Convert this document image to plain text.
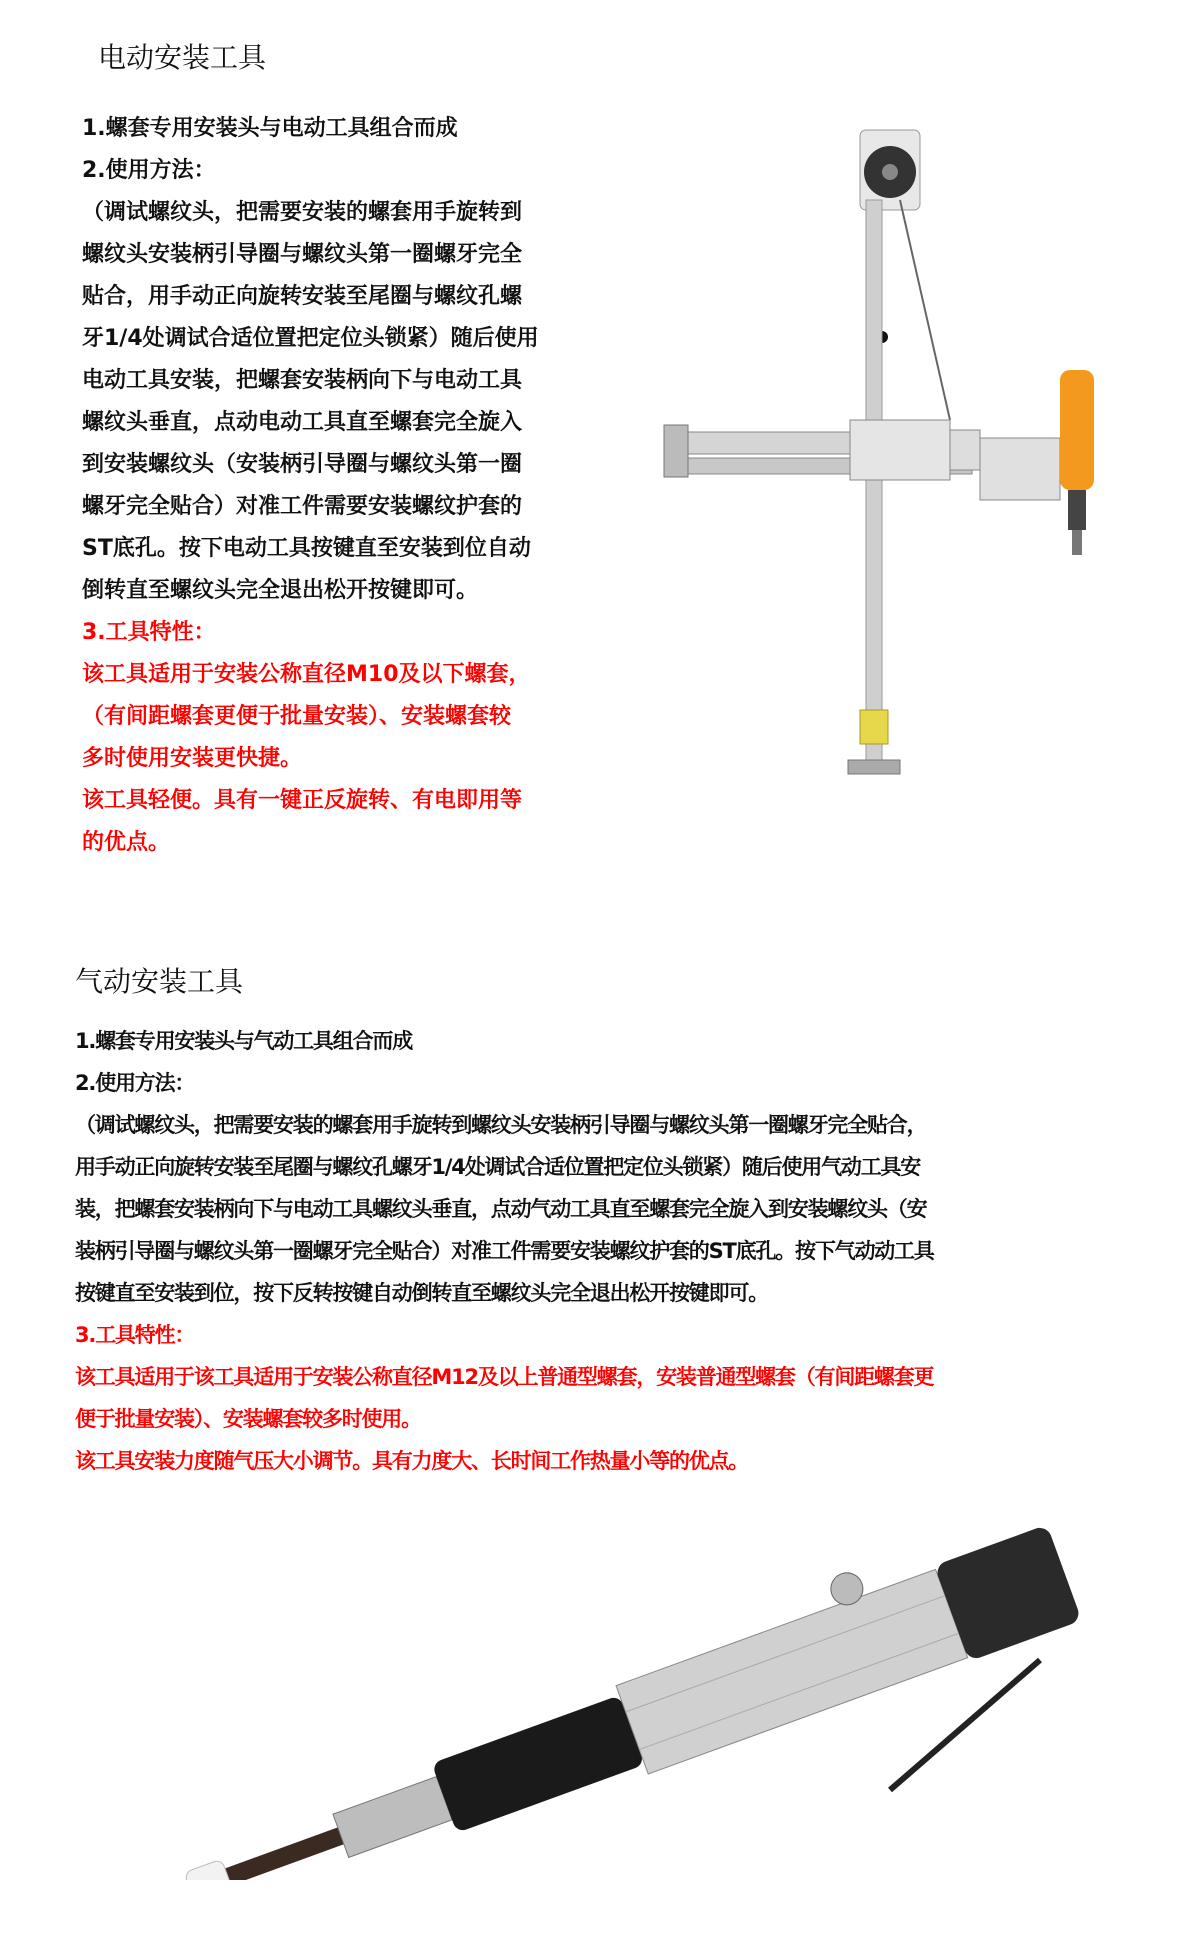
电动安装工具
1.螺套专用安装头与电动工具组合而成
2.使用方法：
（调试螺纹头，把需要安装的螺套用手旋转到
螺纹头安装柄引导圈与螺纹头第一圈螺牙完全
贴合，用手动正向旋转安装至尾圈与螺纹孔螺
牙1/4处调试合适位置把定位头锁紧）随后使用
电动工具安装，把螺套安装柄向下与电动工具
螺纹头垂直，点动电动工具直至螺套完全旋入
到安装螺纹头（安装柄引导圈与螺纹头第一圈
螺牙完全贴合）对准工件需要安装螺纹护套的
ST底孔。按下电动工具按键直至安装到位自动
倒转直至螺纹头完全退出松开按键即可。
3.工具特性：
该工具适用于安装公称直径M10及以下螺套，
（有间距螺套更便于批量安装）、安装螺套较
多时使用安装更快捷。
该工具轻便。具有一键正反旋转、有电即用等
的优点。
气动安装工具
1.螺套专用安装头与气动工具组合而成
2.使用方法：
（调试螺纹头，把需要安装的螺套用手旋转到螺纹头安装柄引导圈与螺纹头第一圈螺牙完全贴合，
用手动正向旋转安装至尾圈与螺纹孔螺牙1/4处调试合适位置把定位头锁紧）随后使用气动工具安
装，把螺套安装柄向下与电动工具螺纹头垂直，点动气动工具直至螺套完全旋入到安装螺纹头（安
装柄引导圈与螺纹头第一圈螺牙完全贴合）对准工件需要安装螺纹护套的ST底孔。按下气动动工具
按键直至安装到位，按下反转按键自动倒转直至螺纹头完全退出松开按键即可。
3.工具特性：
该工具适用于该工具适用于安装公称直径M12及以上普通型螺套，安装普通型螺套（有间距螺套更
便于批量安装）、安装螺套较多时使用。
该工具安装力度随气压大小调节。具有力度大、长时间工作热量小等的优点。
